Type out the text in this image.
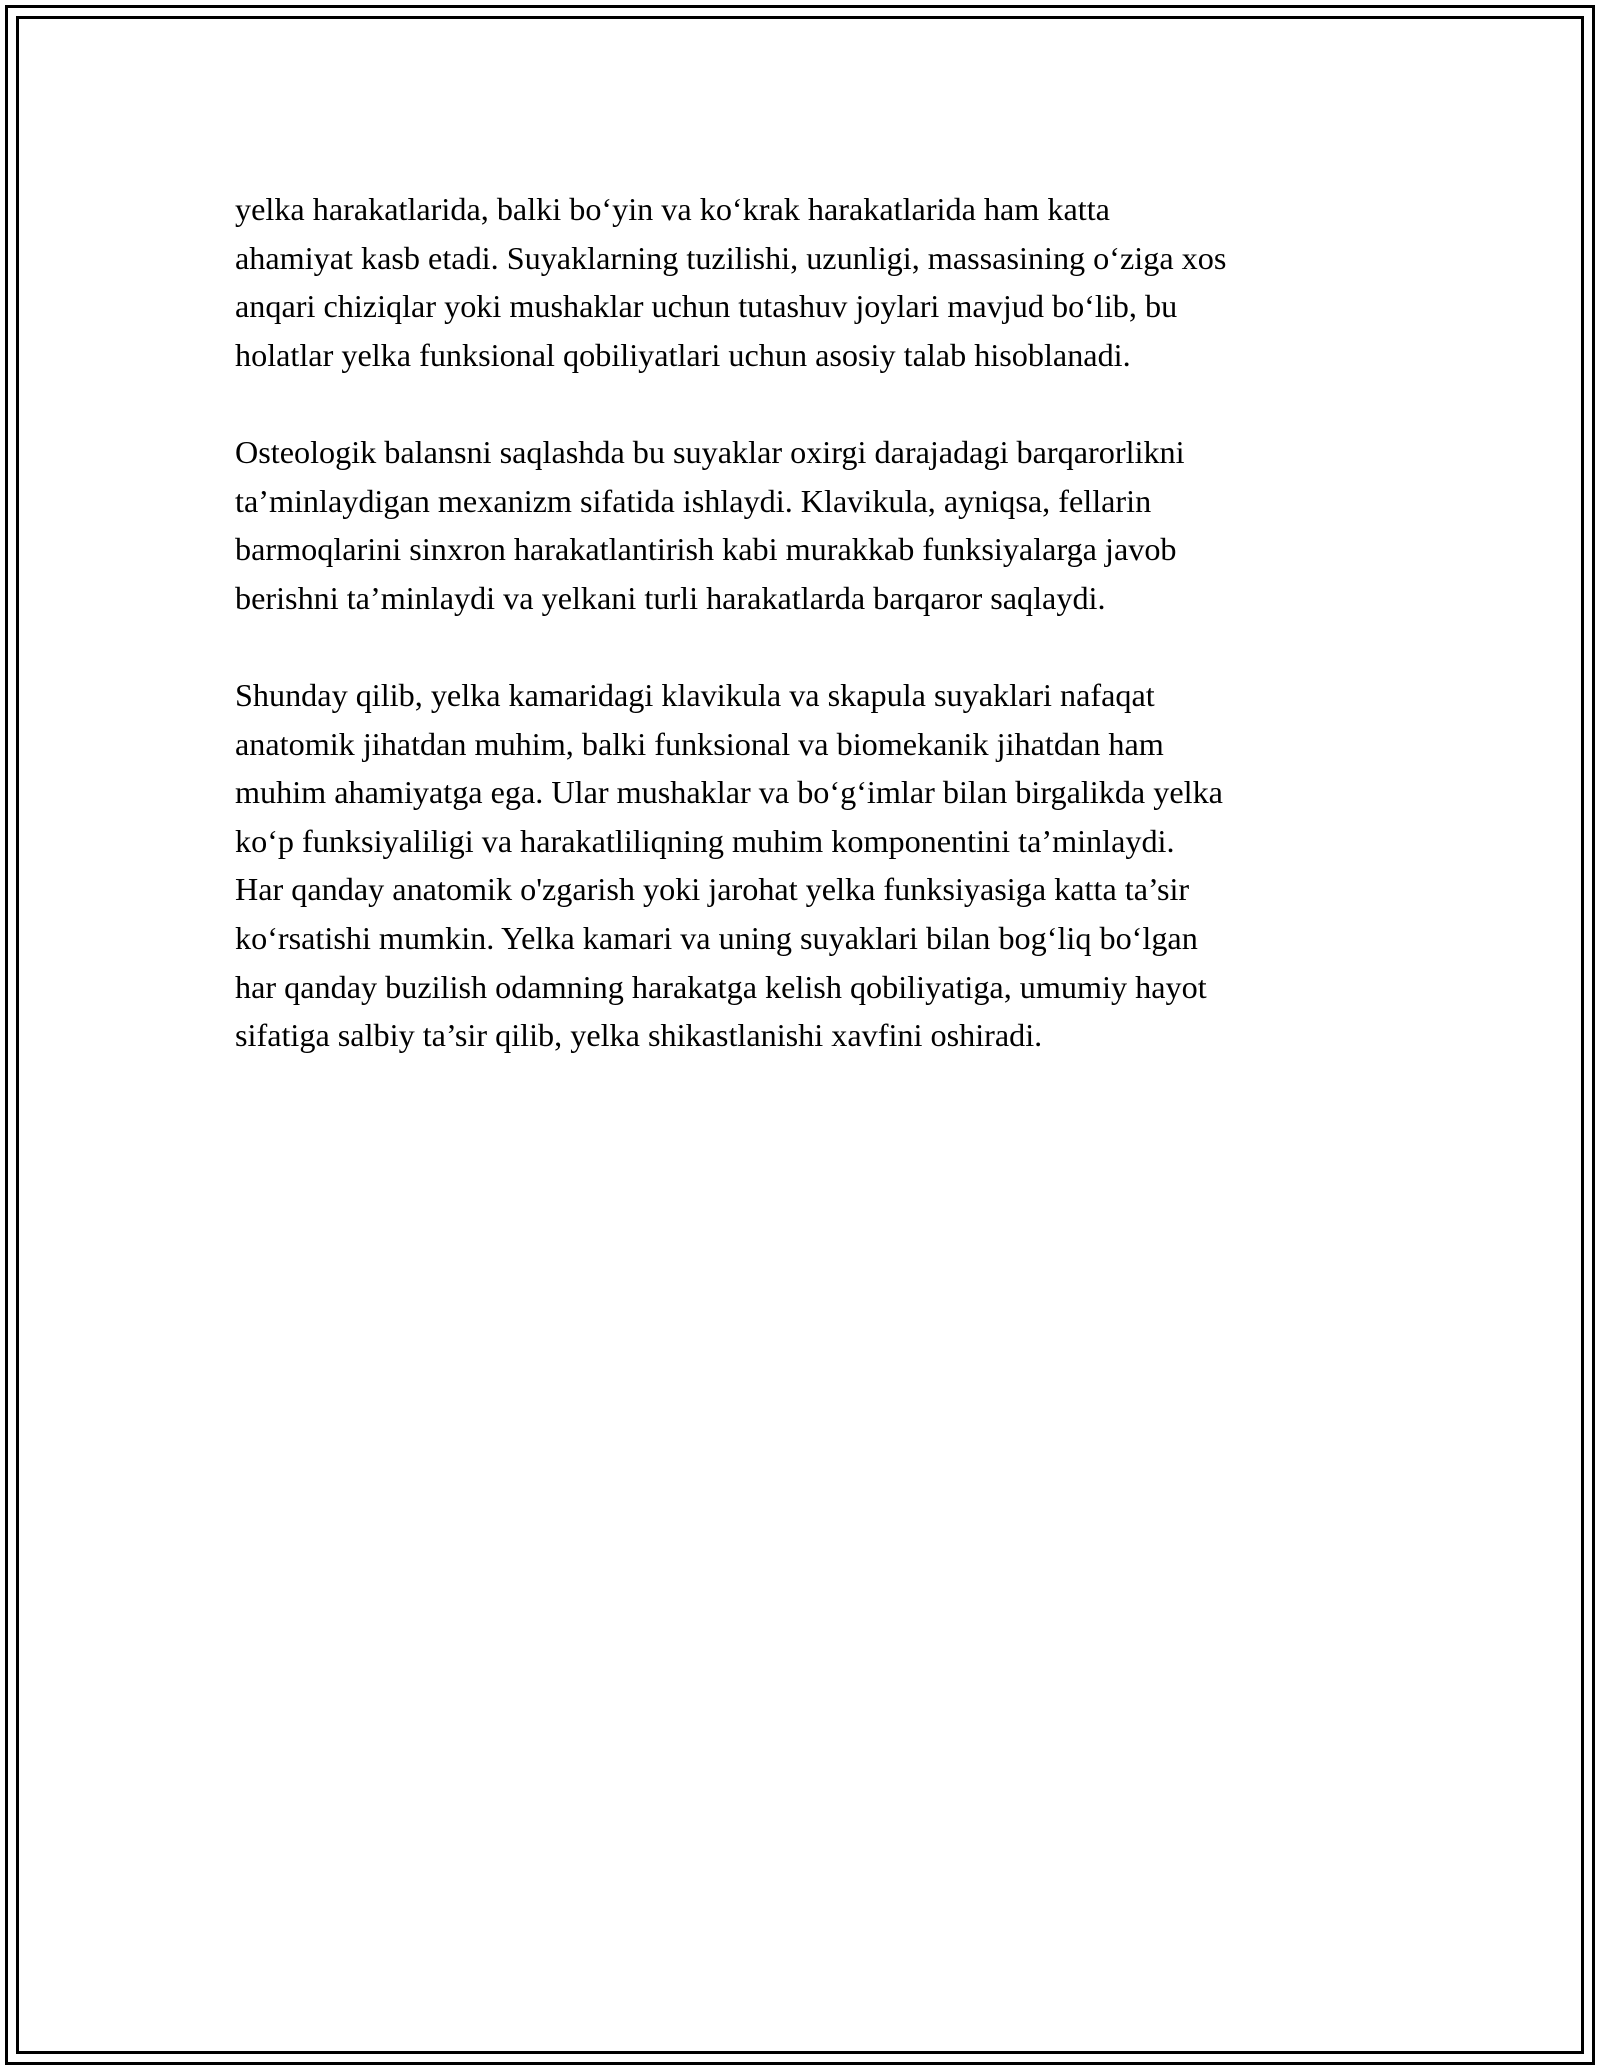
yelka harakatlarida, balki bo‘yin va ko‘krak harakatlarida ham katta
ahamiyat kasb etadi. Suyaklarning tuzilishi, uzunligi, massasining o‘ziga xos
anqari chiziqlar yoki mushaklar uchun tutashuv joylari mavjud bo‘lib, bu
holatlar yelka funksional qobiliyatlari uchun asosiy talab hisoblanadi.

Osteologik balansni saqlashda bu suyaklar oxirgi darajadagi barqarorlikni
ta’minlaydigan mexanizm sifatida ishlaydi. Klavikula, ayniqsa, fellarin
barmoqlarini sinxron harakatlantirish kabi murakkab funksiyalarga javob
berishni ta’minlaydi va yelkani turli harakatlarda barqaror saqlaydi.

Shunday qilib, yelka kamaridagi klavikula va skapula suyaklari nafaqat
anatomik jihatdan muhim, balki funksional va biomekanik jihatdan ham
muhim ahamiyatga ega. Ular mushaklar va bo‘g‘imlar bilan birgalikda yelka
ko‘p funksiyaliligi va harakatliliqning muhim komponentini ta’minlaydi.
Har qanday anatomik o'zgarish yoki jarohat yelka funksiyasiga katta ta’sir
ko‘rsatishi mumkin. Yelka kamari va uning suyaklari bilan bog‘liq bo‘lgan
har qanday buzilish odamning harakatga kelish qobiliyatiga, umumiy hayot
sifatiga salbiy ta’sir qilib, yelka shikastlanishi xavfini oshiradi.
